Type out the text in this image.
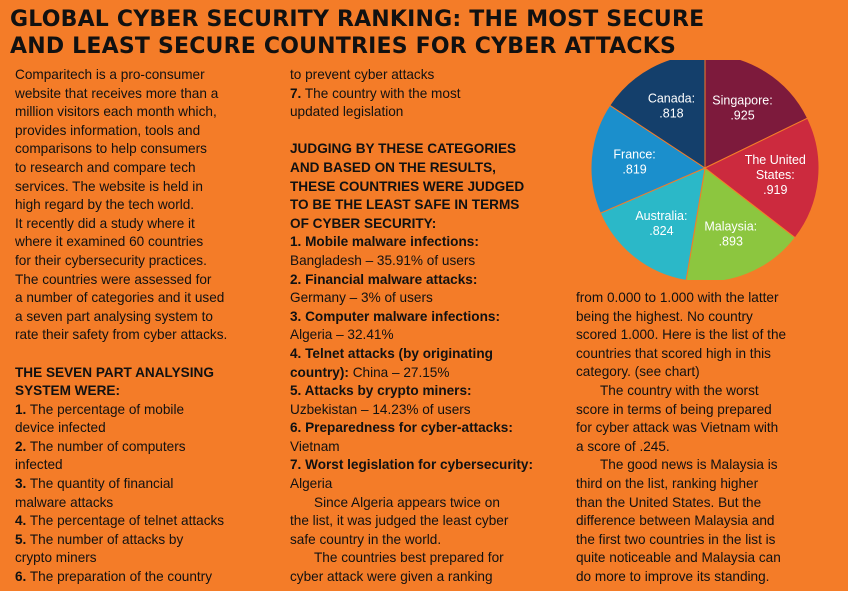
GLOBAL CYBER SECURITY RANKING: THE MOST SECURE
AND LEAST SECURE COUNTRIES FOR CYBER ATTACKS
Comparitech is a pro-consumer
website that receives more than a
million visitors each month which,
provides information, tools and
comparisons to help consumers
to research and compare tech
services. The website is held in
high regard by the tech world.
It recently did a study where it
where it examined 60 countries
for their cybersecurity practices.
The countries were assessed for
a number of categories and it used
a seven part analysing system to
rate their safety from cyber attacks.
THE SEVEN PART ANALYSING
SYSTEM WERE:
1. The percentage of mobile
device infected
2. The number of computers
infected
3. The quantity of financial
malware attacks
4. The percentage of telnet attacks
5. The number of attacks by
crypto miners
6. The preparation of the country
to prevent cyber attacks
7. The country with the most
updated legislation
JUDGING BY THESE CATEGORIES
AND BASED ON THE RESULTS,
THESE COUNTRIES WERE JUDGED
TO BE THE LEAST SAFE IN TERMS
OF CYBER SECURITY:
1. Mobile malware infections:
Bangladesh – 35.91% of users
2. Financial malware attacks:
Germany – 3% of users
3. Computer malware infections:
Algeria – 32.41%
4. Telnet attacks (by originating
country): China – 27.15%
5. Attacks by crypto miners:
Uzbekistan – 14.23% of users
6. Preparedness for cyber-attacks:
Vietnam
7. Worst legislation for cybersecurity:
Algeria
Since Algeria appears twice on
the list, it was judged the least cyber
safe country in the world.
The countries best prepared for
cyber attack were given a ranking
Singapore: .925
The United States: .919
Malaysia: .893
Australia: .824
France: .819
Canada: .818
from 0.000 to 1.000 with the latter
being the highest. No country
scored 1.000. Here is the list of the
countries that scored high in this
category. (see chart)
The country with the worst
score in terms of being prepared
for cyber attack was Vietnam with
a score of .245.
The good news is Malaysia is
third on the list, ranking higher
than the United States. But the
difference between Malaysia and
the first two countries in the list is
quite noticeable and Malaysia can
do more to improve its standing.
